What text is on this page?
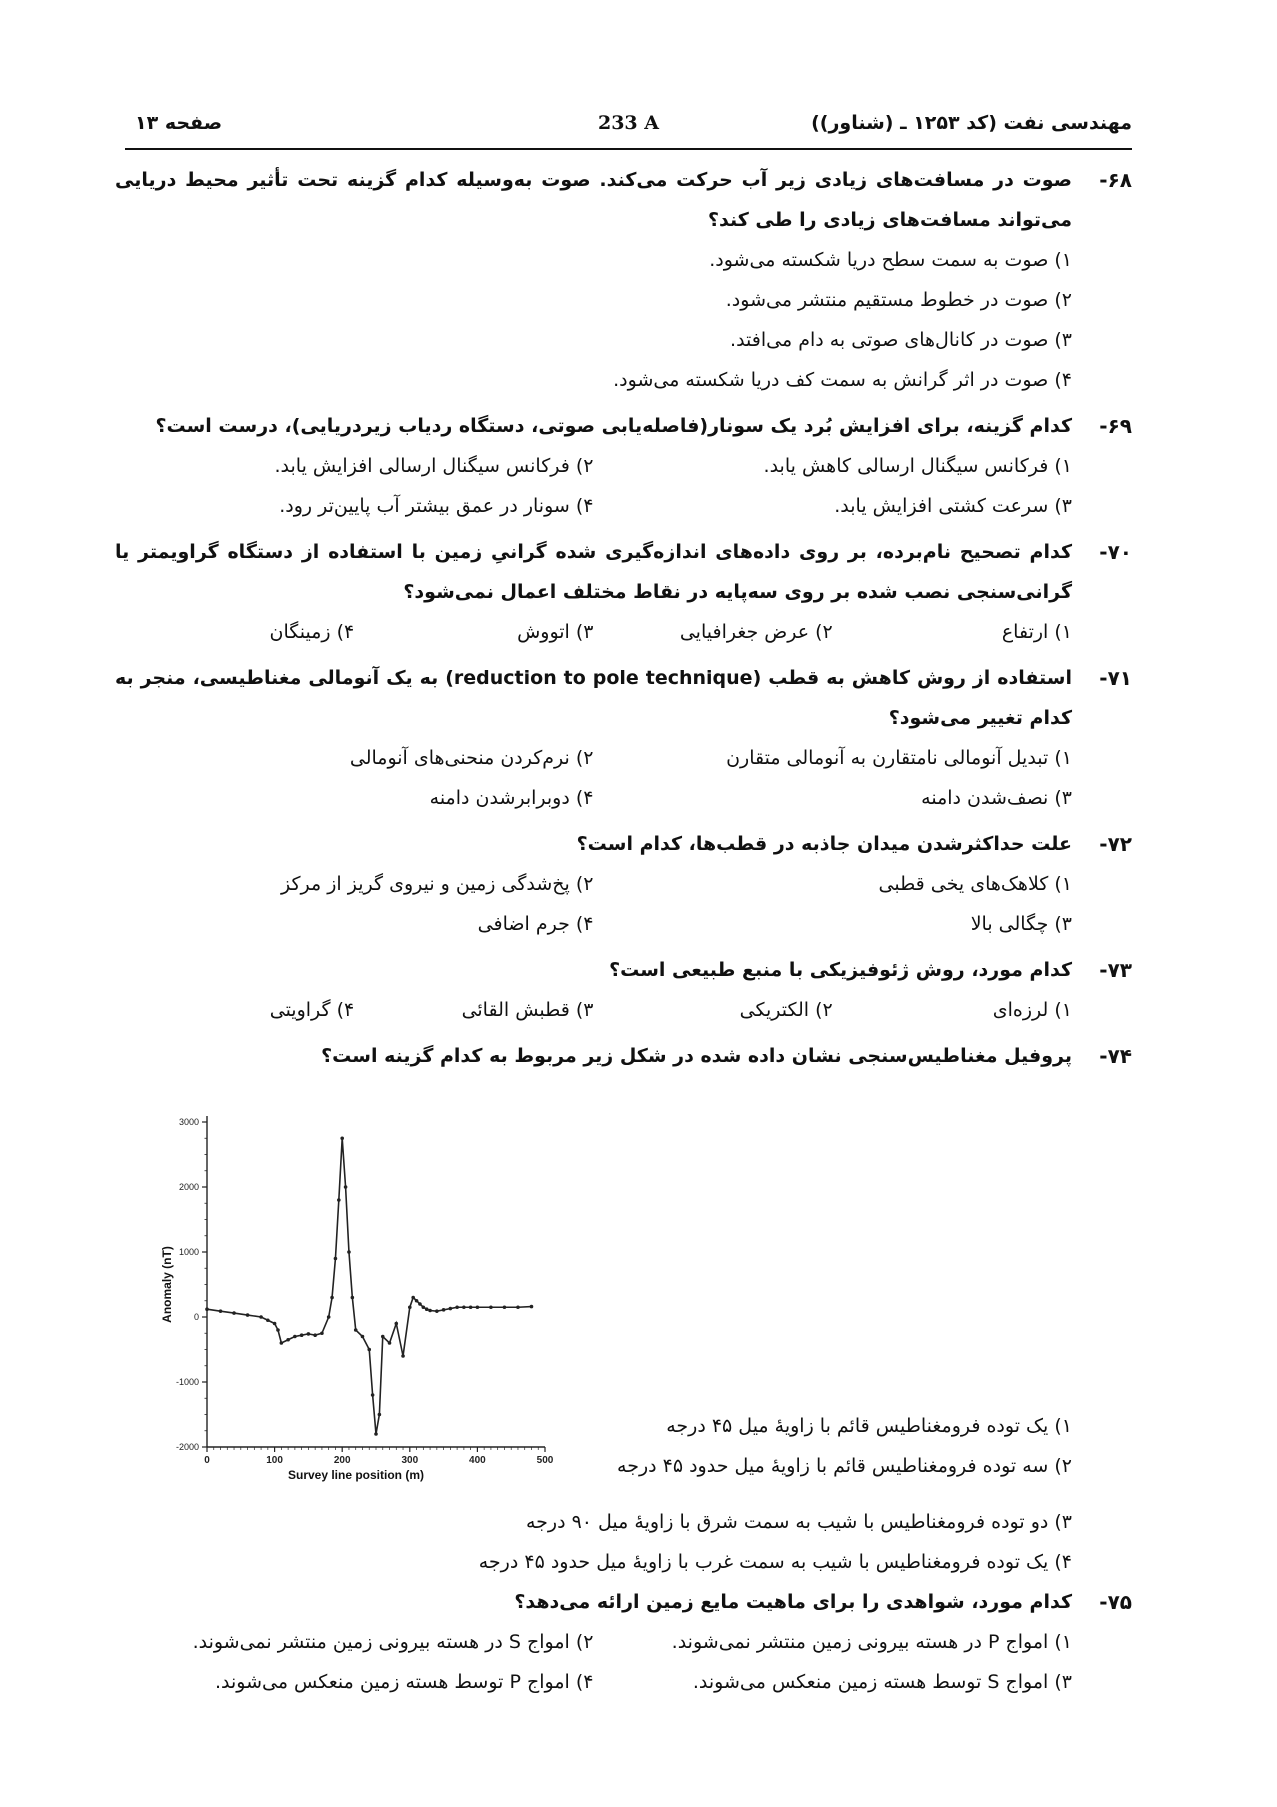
مهندسی نفت (کد ۱۲۵۳ ـ (شناور))
233 A
صفحه ۱۳
۶۸-
صوت در مسافت‌های زیادی زیر آب حرکت می‌کند. صوت به‌وسیله کدام گزینه تحت تأثیر محیط دریایی می‌تواند مسافت‌های زیادی را طی کند؟
۱) صوت به سمت سطح دریا شکسته می‌شود.
۲) صوت در خطوط مستقیم منتشر می‌شود.
۳) صوت در کانال‌های صوتی به دام می‌افتد.
۴) صوت در اثر گرانش به سمت کف دریا شکسته می‌شود.
۶۹-
کدام گزینه، برای افزایش بُرد یک سونار(فاصله‌یابی صوتی، دستگاه ردیاب زیردریایی)، درست است؟
۱) فرکانس سیگنال ارسالی کاهش یابد.
۲) فرکانس سیگنال ارسالی افزایش یابد.
۳) سرعت کشتی افزایش یابد.
۴) سونار در عمق بیشتر آب پایین‌تر رود.
۷۰-
کدام تصحیح نام‌برده، بر روی داده‌های اندازه‌گیری شده گرانیِ زمین با استفاده از دستگاه گراویمتر یا گرانی‌سنجی نصب شده بر روی سه‌پایه در نقاط مختلف اعمال نمی‌شود؟
۱) ارتفاع
۲) عرض جغرافیایی
۳) اتووش
۴) زمینگان
۷۱-
استفاده از روش کاهش به قطب (reduction to pole technique) به یک آنومالی مغناطیسی، منجر به کدام تغییر می‌شود؟
۱) تبدیل آنومالی نامتقارن به آنومالی متقارن
۲) نرم‌کردن منحنی‌های آنومالی
۳) نصف‌شدن دامنه
۴) دوبرابرشدن دامنه
۷۲-
علت حداکثرشدن میدان جاذبه در قطب‌ها، کدام است؟
۱) کلاهک‌های یخی قطبی
۲) پخ‌شدگی زمین و نیروی گریز از مرکز
۳) چگالی بالا
۴) جرم اضافی
۷۳-
کدام مورد، روش ژئوفیزیکی با منبع طبیعی است؟
۱) لرزه‌ای
۲) الکتریکی
۳) قطبش القائی
۴) گراویتی
۷۴-
پروفیل مغناطیس‌سنجی نشان داده شده در شکل زیر مربوط به کدام گزینه است؟
3000
2000
1000
0
-1000
-2000
0	100	200	300	400	500
Survey line position (m)
Anomaly (nT)
۱) یک توده فرومغناطیس قائم با زاویهٔ میل ۴۵ درجه
۲) سه توده فرومغناطیس قائم با زاویهٔ میل حدود ۴۵ درجه
۳) دو توده فرومغناطیس با شیب به سمت شرق با زاویهٔ میل ۹۰ درجه
۴) یک توده فرومغناطیس با شیب به سمت غرب با زاویهٔ میل حدود ۴۵ درجه
۷۵-
کدام مورد، شواهدی را برای ماهیت مایع زمین ارائه می‌دهد؟
۱) امواج P در هسته بیرونی زمین منتشر نمی‌شوند.
۲) امواج S در هسته بیرونی زمین منتشر نمی‌شوند.
۳) امواج S توسط هسته زمین منعکس می‌شوند.
۴) امواج P توسط هسته زمین منعکس می‌شوند.
